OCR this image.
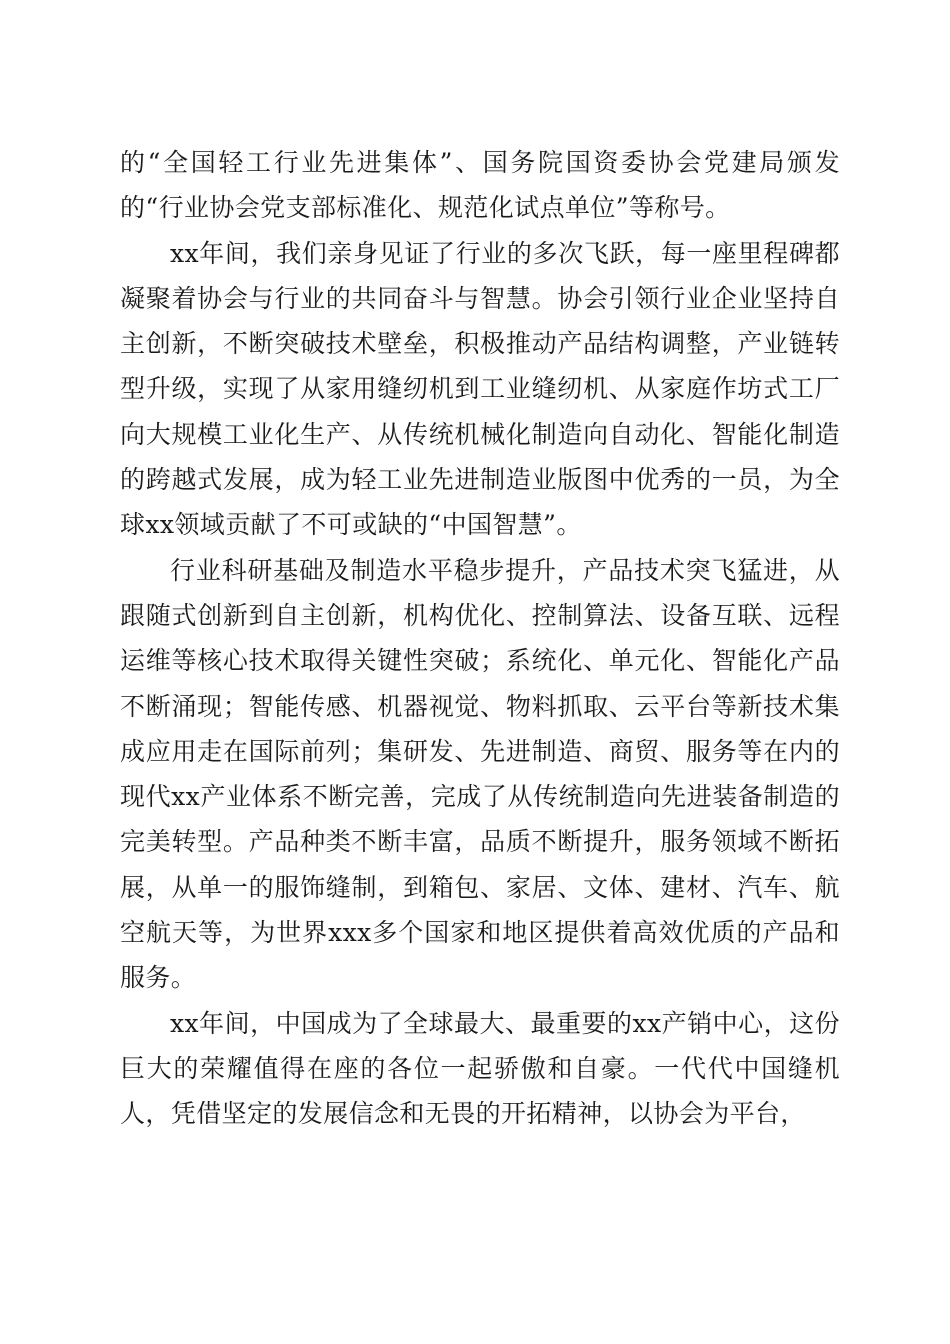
的“全国轻工行业先进集体”、国务院国资委协会党建局颁发的“行业协会党支部标准化、规范化试点单位”等称号。

xx年间，我们亲身见证了行业的多次飞跃，每一座里程碑都凝聚着协会与行业的共同奋斗与智慧。协会引领行业企业坚持自主创新，不断突破技术壁垒，积极推动产品结构调整，产业链转型升级，实现了从家用缝纫机到工业缝纫机、从家庭作坊式工厂向大规模工业化生产、从传统机械化制造向自动化、智能化制造的跨越式发展，成为轻工业先进制造业版图中优秀的一员，为全球xx领域贡献了不可或缺的“中国智慧”。

行业科研基础及制造水平稳步提升，产品技术突飞猛进，从跟随式创新到自主创新，机构优化、控制算法、设备互联、远程运维等核心技术取得关键性突破；系统化、单元化、智能化产品不断涌现；智能传感、机器视觉、物料抓取、云平台等新技术集成应用走在国际前列；集研发、先进制造、商贸、服务等在内的现代xx产业体系不断完善，完成了从传统制造向先进装备制造的完美转型。产品种类不断丰富，品质不断提升，服务领域不断拓展，从单一的服饰缝制，到箱包、家居、文体、建材、汽车、航空航天等，为世界xxx多个国家和地区提供着高效优质的产品和服务。

xx年间，中国成为了全球最大、最重要的xx产销中心，这份巨大的荣耀值得在座的各位一起骄傲和自豪。一代代中国缝机人，凭借坚定的发展信念和无畏的开拓精神，以协会为平台，
